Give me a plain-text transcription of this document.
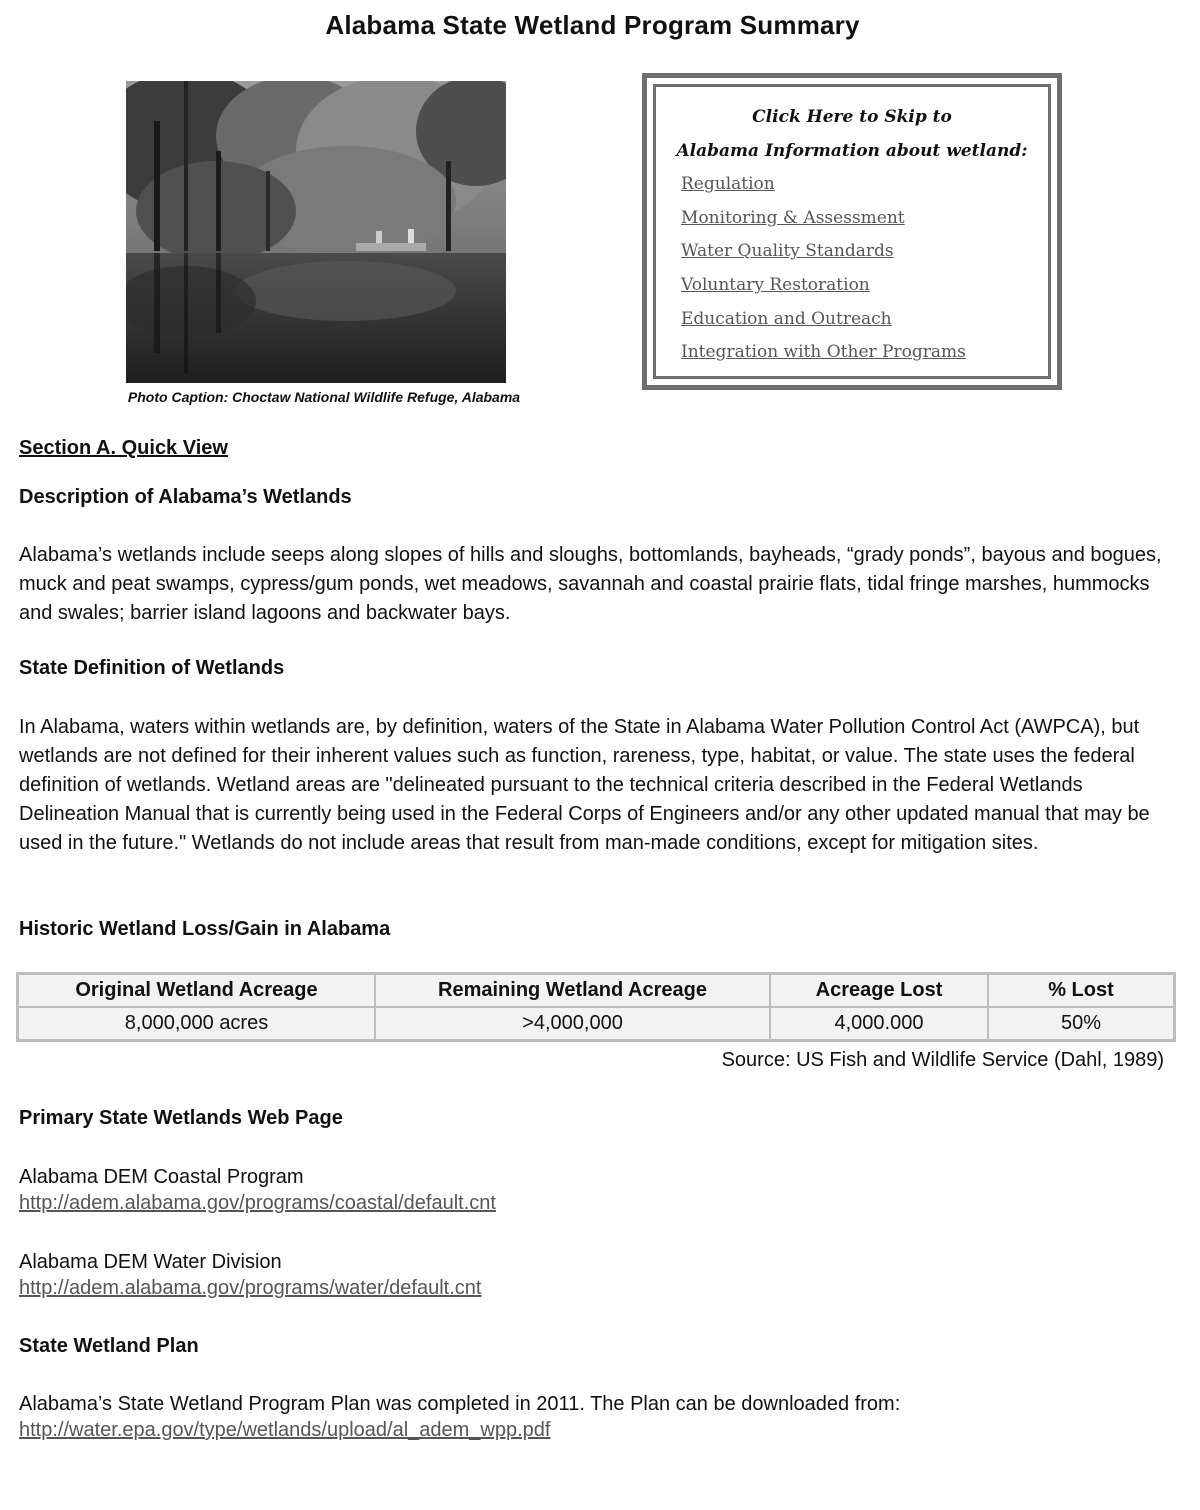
Alabama State Wetland Program Summary
Photo Caption: Choctaw National Wildlife Refuge, Alabama
Click Here to Skip to
Alabama Information about wetland:
Regulation
Monitoring & Assessment
Water Quality Standards
Voluntary Restoration
Education and Outreach
Integration with Other Programs
Section A. Quick View
Description of Alabama’s Wetlands
Alabama’s wetlands include seeps along slopes of hills and sloughs, bottomlands, bayheads, “grady ponds”, bayous and bogues, muck and peat swamps, cypress/gum ponds, wet meadows, savannah and coastal prairie flats, tidal fringe marshes, hummocks and swales; barrier island lagoons and backwater bays.
State Definition of Wetlands
In Alabama, waters within wetlands are, by definition, waters of the State in Alabama Water Pollution Control Act (AWPCA), but wetlands are not defined for their inherent values such as function, rareness, type, habitat, or value. The state uses the federal definition of wetlands. Wetland areas are "delineated pursuant to the technical criteria described in the Federal Wetlands Delineation Manual that is currently being used in the Federal Corps of Engineers and/or any other updated manual that may be used in the future." Wetlands do not include areas that result from man-made conditions, except for mitigation sites.
Historic Wetland Loss/Gain in Alabama
Original Wetland Acreage	Remaining Wetland Acreage	Acreage Lost	% Lost
8,000,000 acres	>4,000,000	4,000.000	50%
Source: US Fish and Wildlife Service (Dahl, 1989)
Primary State Wetlands Web Page
Alabama DEM Coastal Program
http://adem.alabama.gov/programs/coastal/default.cnt
Alabama DEM Water Division
http://adem.alabama.gov/programs/water/default.cnt
State Wetland Plan
Alabama’s State Wetland Program Plan was completed in 2011. The Plan can be downloaded from:
http://water.epa.gov/type/wetlands/upload/al_adem_wpp.pdf
